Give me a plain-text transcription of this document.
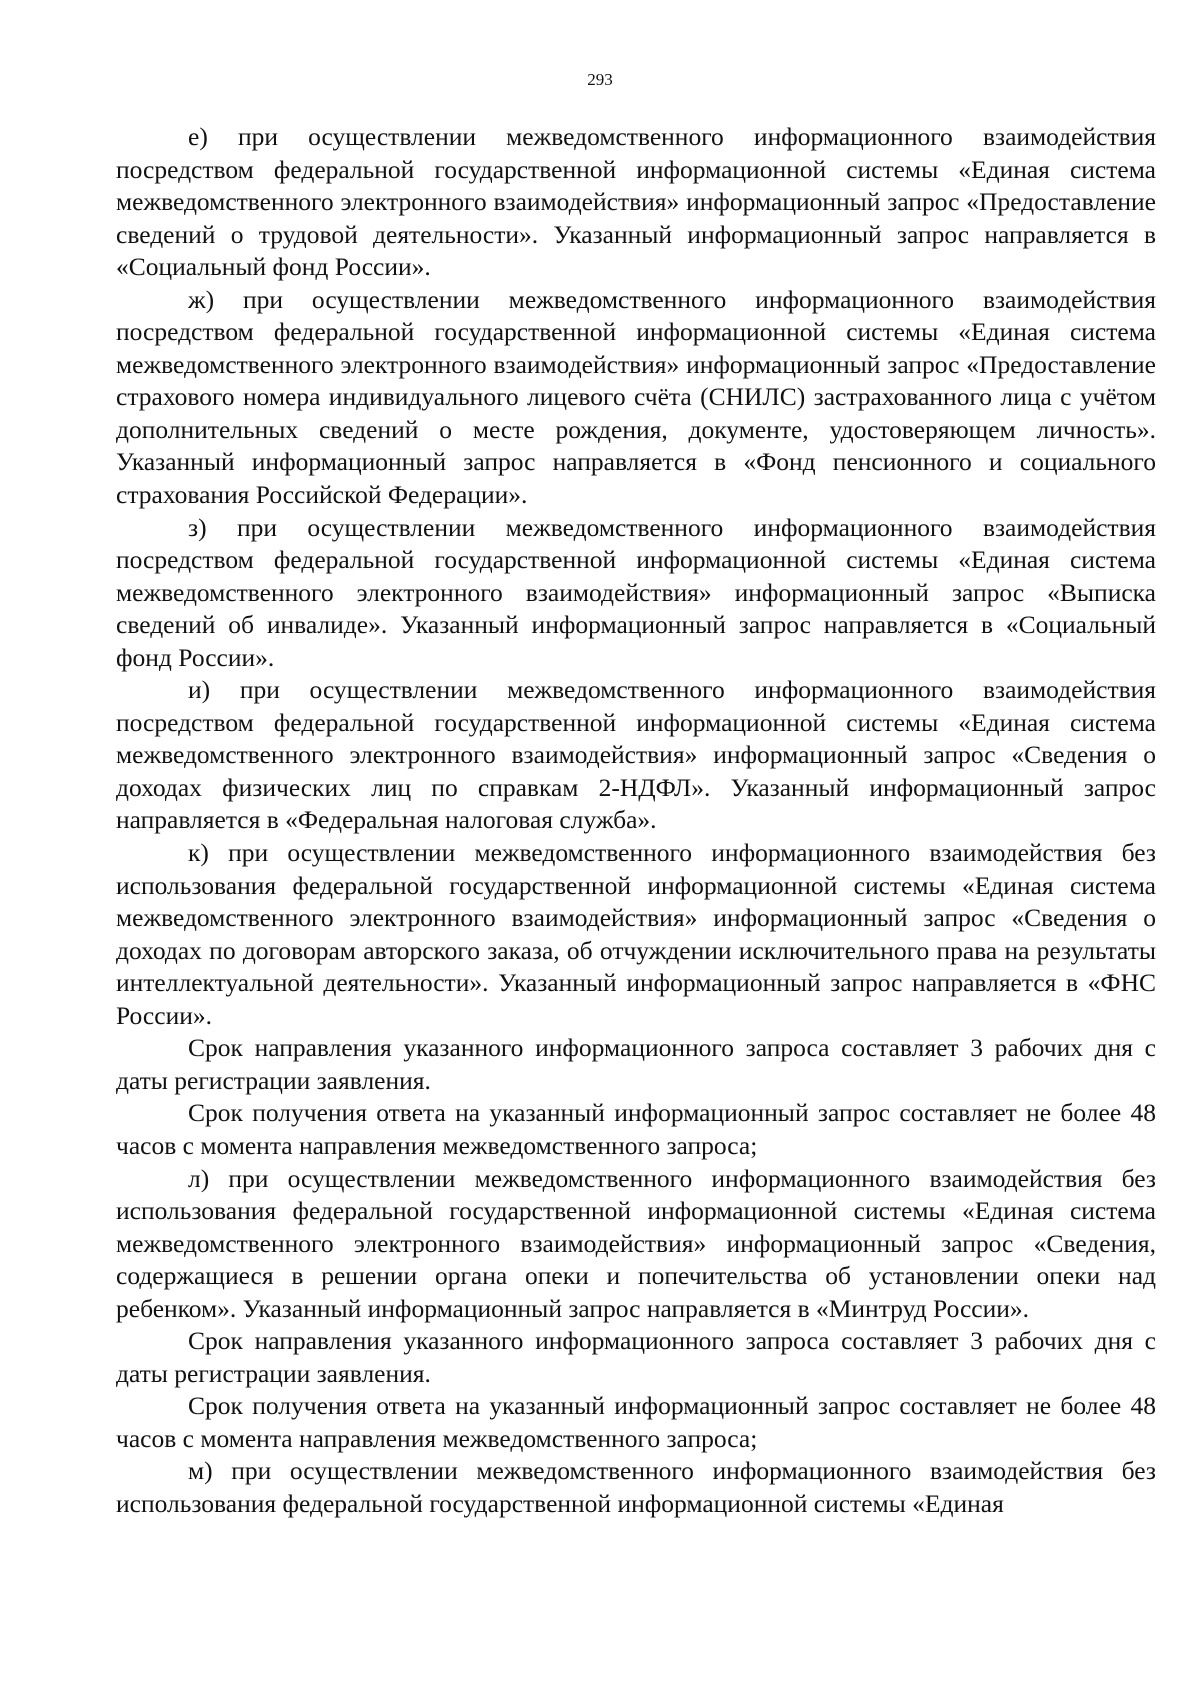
293

е) при осуществлении межведомственного информационного взаимодействия посредством федеральной государственной информационной системы «Единая система межведомственного электронного взаимодействия» информационный запрос «Предоставление сведений о трудовой деятельности». Указанный информационный запрос направляется в «Социальный фонд России».

ж) при осуществлении межведомственного информационного взаимодействия посредством федеральной государственной информационной системы «Единая система межведомственного электронного взаимодействия» информационный запрос «Предоставление страхового номера индивидуального лицевого счёта (СНИЛС) застрахованного лица с учётом дополнительных сведений о месте рождения, документе, удостоверяющем личность». Указанный информационный запрос направляется в «Фонд пенсионного и социального страхования Российской Федерации».

з) при осуществлении межведомственного информационного взаимодействия посредством федеральной государственной информационной системы «Единая система межведомственного электронного взаимодействия» информационный запрос «Выписка сведений об инвалиде». Указанный информационный запрос направляется в «Социальный фонд России».

и) при осуществлении межведомственного информационного взаимодействия посредством федеральной государственной информационной системы «Единая система межведомственного электронного взаимодействия» информационный запрос «Сведения о доходах физических лиц по справкам 2-НДФЛ». Указанный информационный запрос направляется в «Федеральная налоговая служба».

к) при осуществлении межведомственного информационного взаимодействия без использования федеральной государственной информационной системы «Единая система межведомственного электронного взаимодействия» информационный запрос «Сведения о доходах по договорам авторского заказа, об отчуждении исключительного права на результаты интеллектуальной деятельности». Указанный информационный запрос направляется в «ФНС России».

Срок направления указанного информационного запроса составляет 3 рабочих дня с даты регистрации заявления.

Срок получения ответа на указанный информационный запрос составляет не более 48 часов с момента направления межведомственного запроса;

л) при осуществлении межведомственного информационного взаимодействия без использования федеральной государственной информационной системы «Единая система межведомственного электронного взаимодействия» информационный запрос «Сведения, содержащиеся в решении органа опеки и попечительства об установлении опеки над ребенком». Указанный информационный запрос направляется в «Минтруд России».

Срок направления указанного информационного запроса составляет 3 рабочих дня с даты регистрации заявления.

Срок получения ответа на указанный информационный запрос составляет не более 48 часов с момента направления межведомственного запроса;

м) при осуществлении межведомственного информационного взаимодействия без использования федеральной государственной информационной системы «Единая
